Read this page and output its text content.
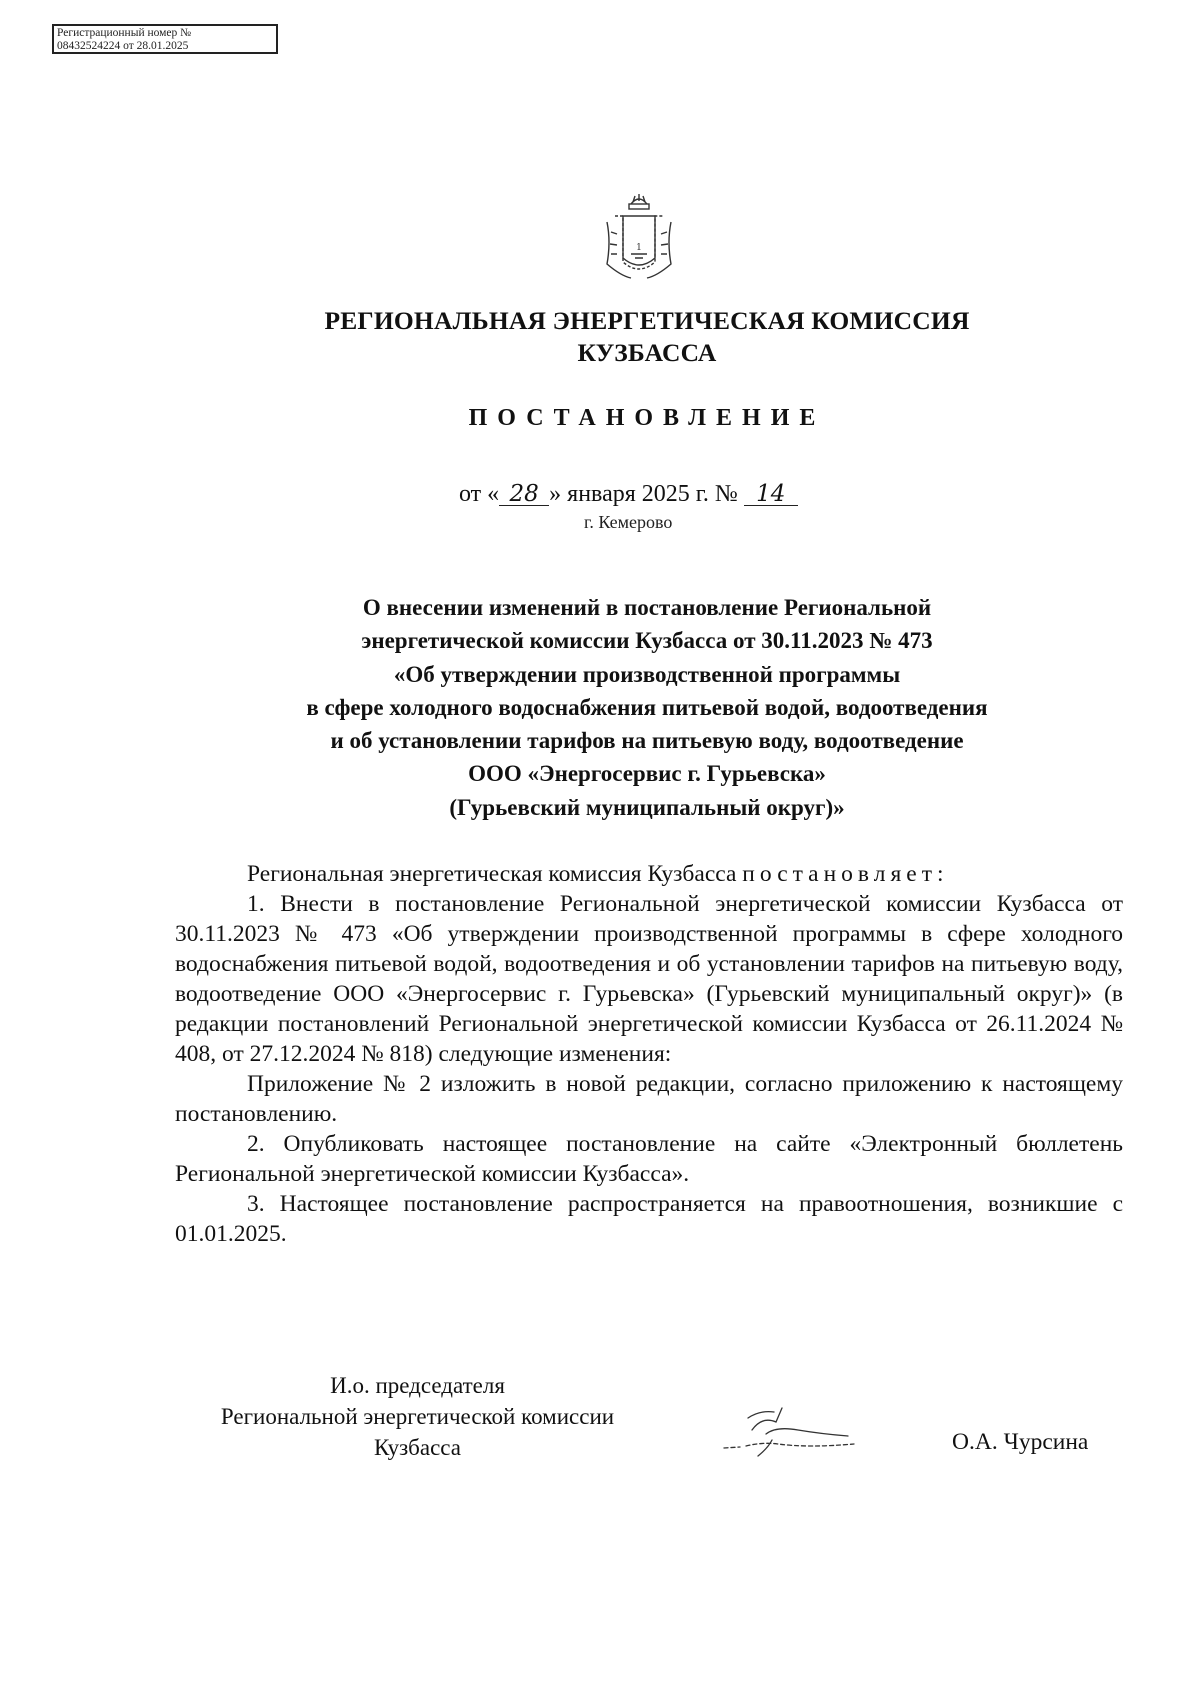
Регистрационный номер №
08432524224 от 28.01.2025
1
РЕГИОНАЛЬНАЯ ЭНЕРГЕТИЧЕСКАЯ КОМИССИЯ
КУЗБАССА
ПОСТАНОВЛЕНИЕ
от « 28 » января 2025 г. № 14
г. Кемерово
О внесении изменений в постановление Региональной
энергетической комиссии Кузбасса от 30.11.2023 № 473
«Об утверждении производственной программы
в сфере холодного водоснабжения питьевой водой, водоотведения
и об установлении тарифов на питьевую воду, водоотведение
ООО «Энергосервис г. Гурьевска»
(Гурьевский муниципальный округ)»

Региональная энергетическая комиссия Кузбасса постановляет:

1. Внести в постановление Региональной энергетической комиссии Кузбасса от 30.11.2023 № 473 «Об утверждении производственной программы в сфере холодного водоснабжения питьевой водой, водоотведения и об установлении тарифов на питьевую воду, водоотведение ООО «Энергосервис г. Гурьевска» (Гурьевский муниципальный округ)» (в редакции постановлений Региональной энергетической комиссии Кузбасса от 26.11.2024 № 408, от 27.12.2024 № 818) следующие изменения:

Приложение № 2 изложить в новой редакции, согласно приложению к настоящему постановлению.

2. Опубликовать настоящее постановление на сайте «Электронный бюллетень Региональной энергетической комиссии Кузбасса».

3. Настоящее постановление распространяется на правоотношения, возникшие с 01.01.2025.

И.о. председателя
Региональной энергетической комиссии
Кузбасса	О.А. Чурсина
